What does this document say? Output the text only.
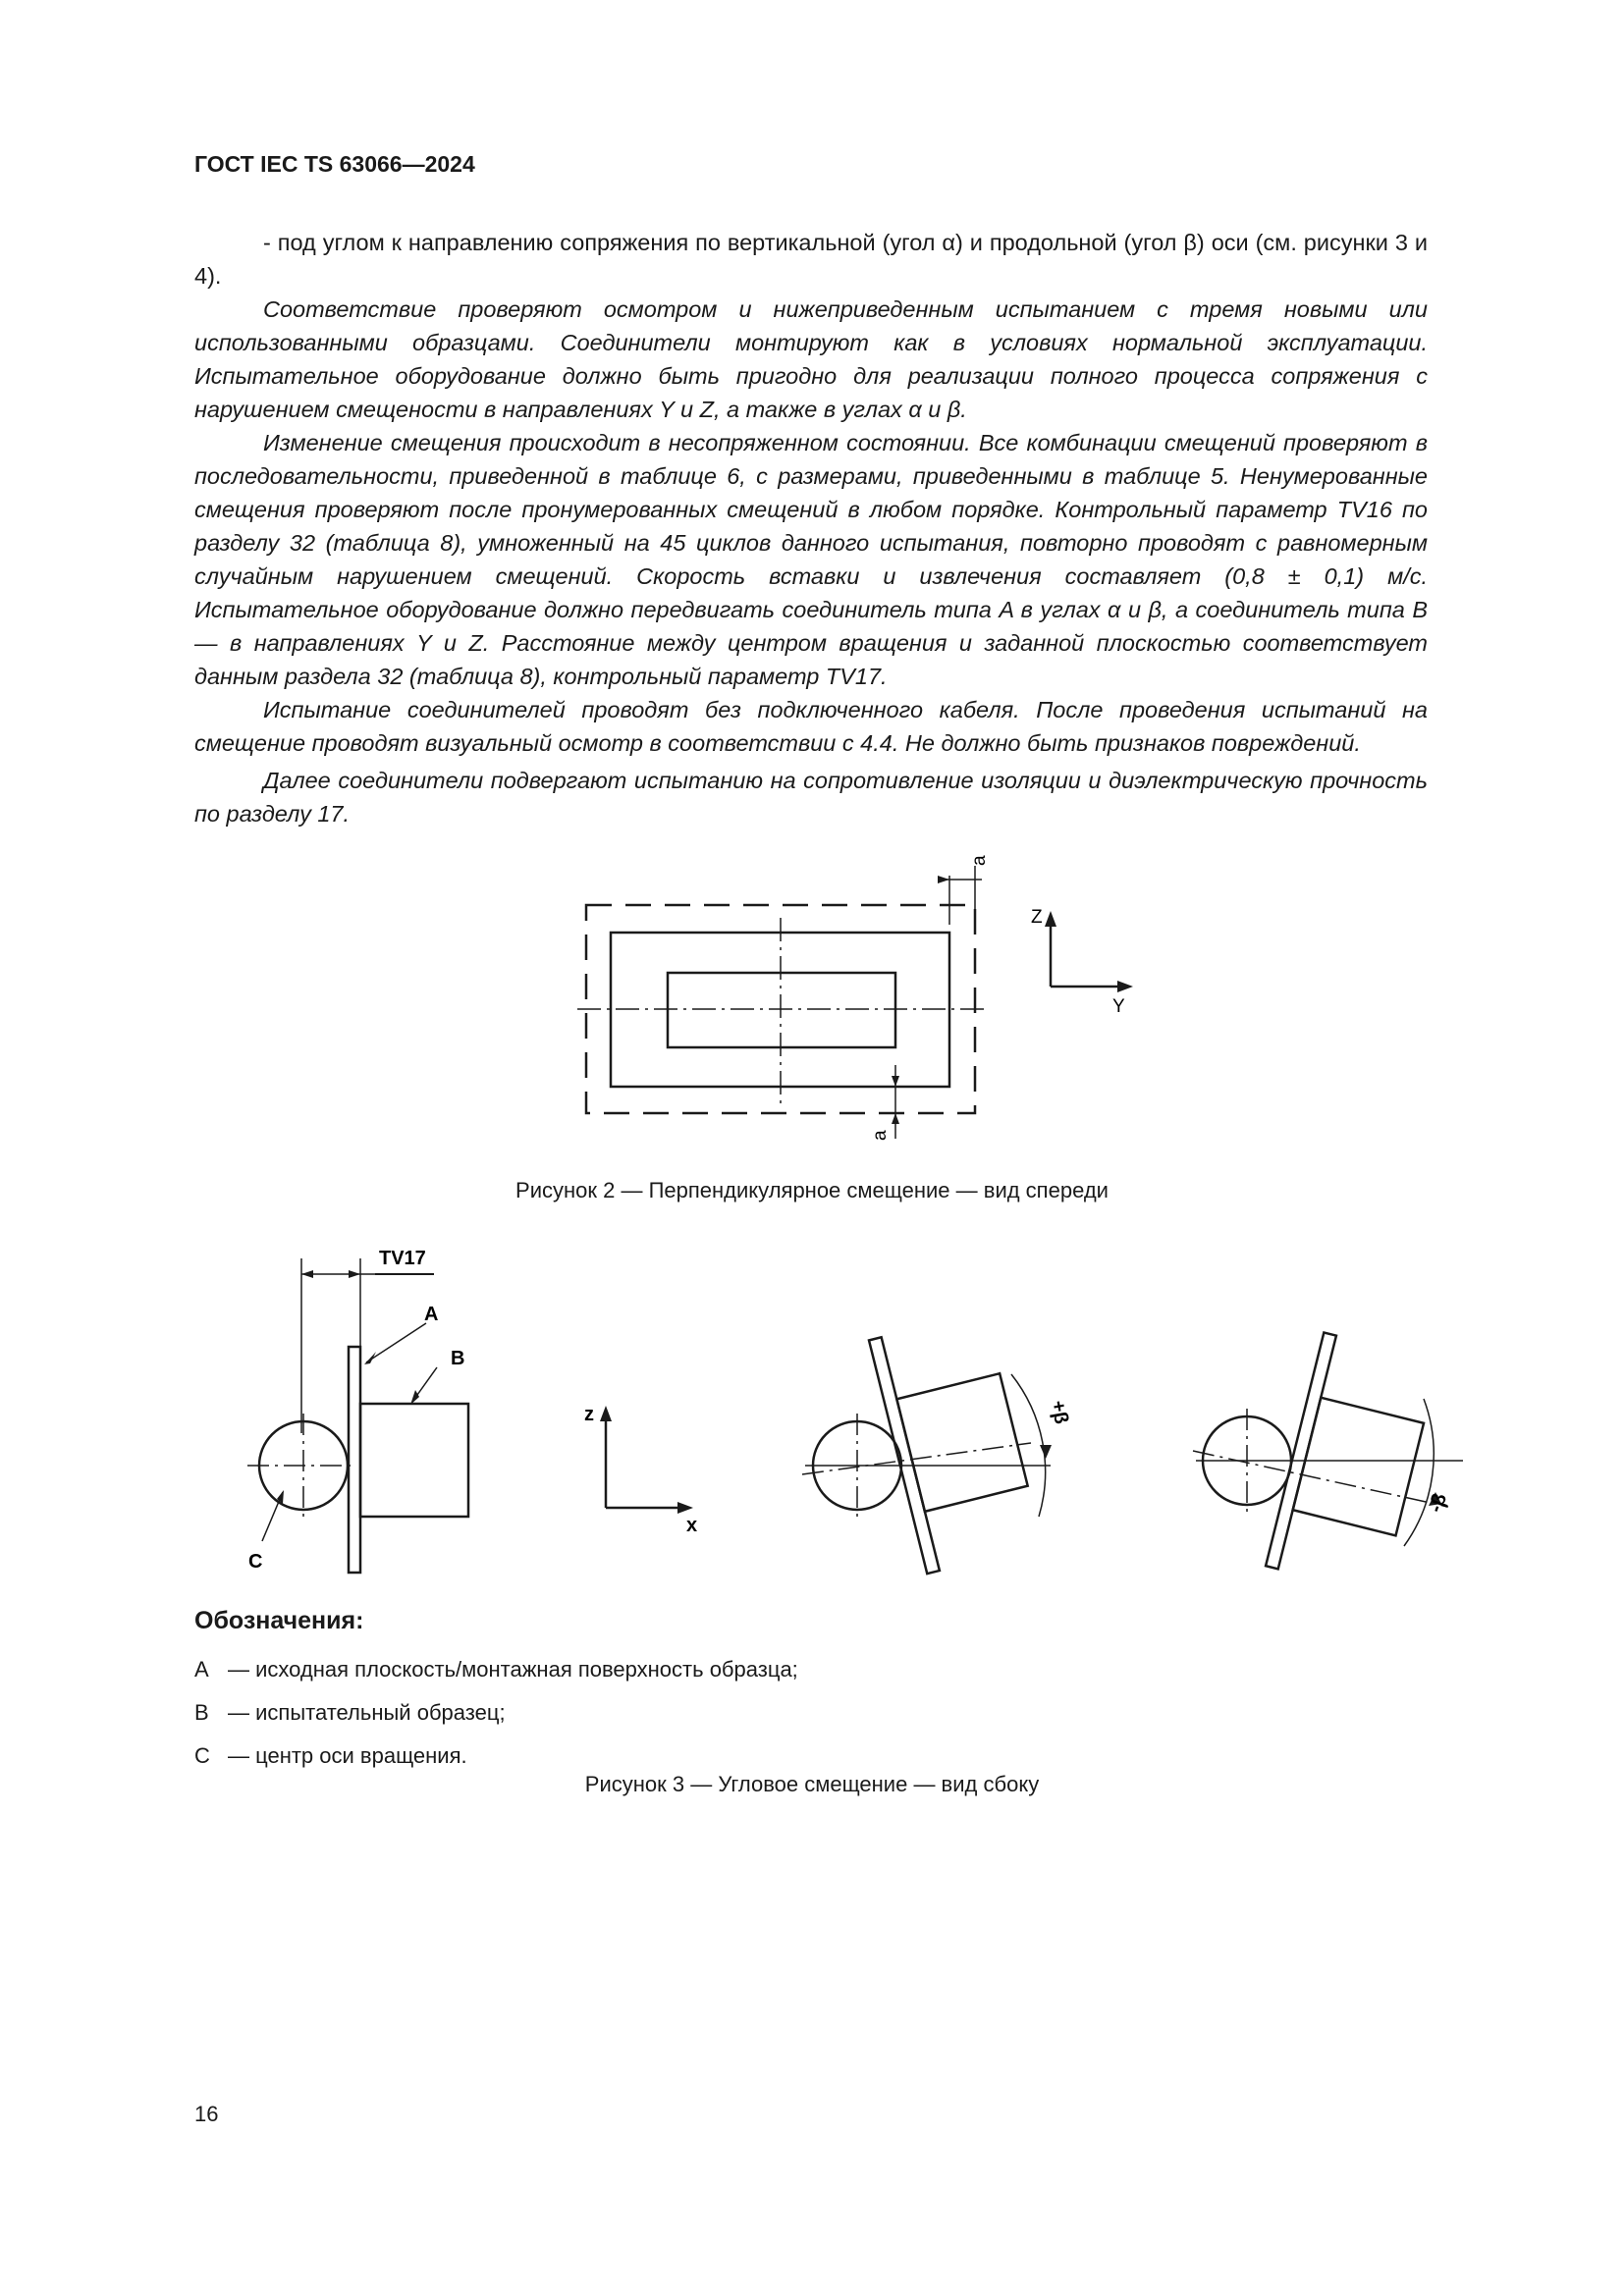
ГОСТ IEC TS 63066—2024

- под углом к направлению сопряжения по вертикальной (угол α) и продольной (угол β) оси (см. рисунки 3 и 4).

Соответствие проверяют осмотром и нижеприведенным испытанием с тремя новыми или использованными образцами. Соединители монтируют как в условиях нормальной эксплуатации. Испытательное оборудование должно быть пригодно для реализации полного процесса сопряжения с нарушением смещености в направлениях Y и Z, а также в углах α и β.

Изменение смещения происходит в несопряженном состоянии. Все комбинации смещений проверяют в последовательности, приведенной в таблице 6, с размерами, приведенными в таблице 5. Ненумерованные смещения проверяют после пронумерованных смещений в любом порядке. Контрольный параметр TV16 по разделу 32 (таблица 8), умноженный на 45 циклов данного испытания, повторно проводят с равномерным случайным нарушением смещений. Скорость вставки и извлечения составляет (0,8 ± 0,1) м/с. Испытательное оборудование должно передвигать соединитель типа A в углах α и β, а соединитель типа B — в направлениях Y и Z. Расстояние между центром вращения и заданной плоскостью соответствует данным раздела 32 (таблица 8), контрольный параметр TV17.

Испытание соединителей проводят без подключенного кабеля. После проведения испытаний на смещение проводят визуальный осмотр в соответствии с 4.4. Не должно быть признаков повреждений.

Далее соединители подвергают испытанию на сопротивление изоляции и диэлектрическую прочность по разделу 17.

a
a
Z
Y
Рисунок 2 — Перпендикулярное смещение — вид спереди
TV17
A
B
C
z
x
+β
-β
Обозначения:
A — исходная плоскость/монтажная поверхность образца;
B — испытательный образец;
C — центр оси вращения.
Рисунок 3 — Угловое смещение — вид сбоку
16
